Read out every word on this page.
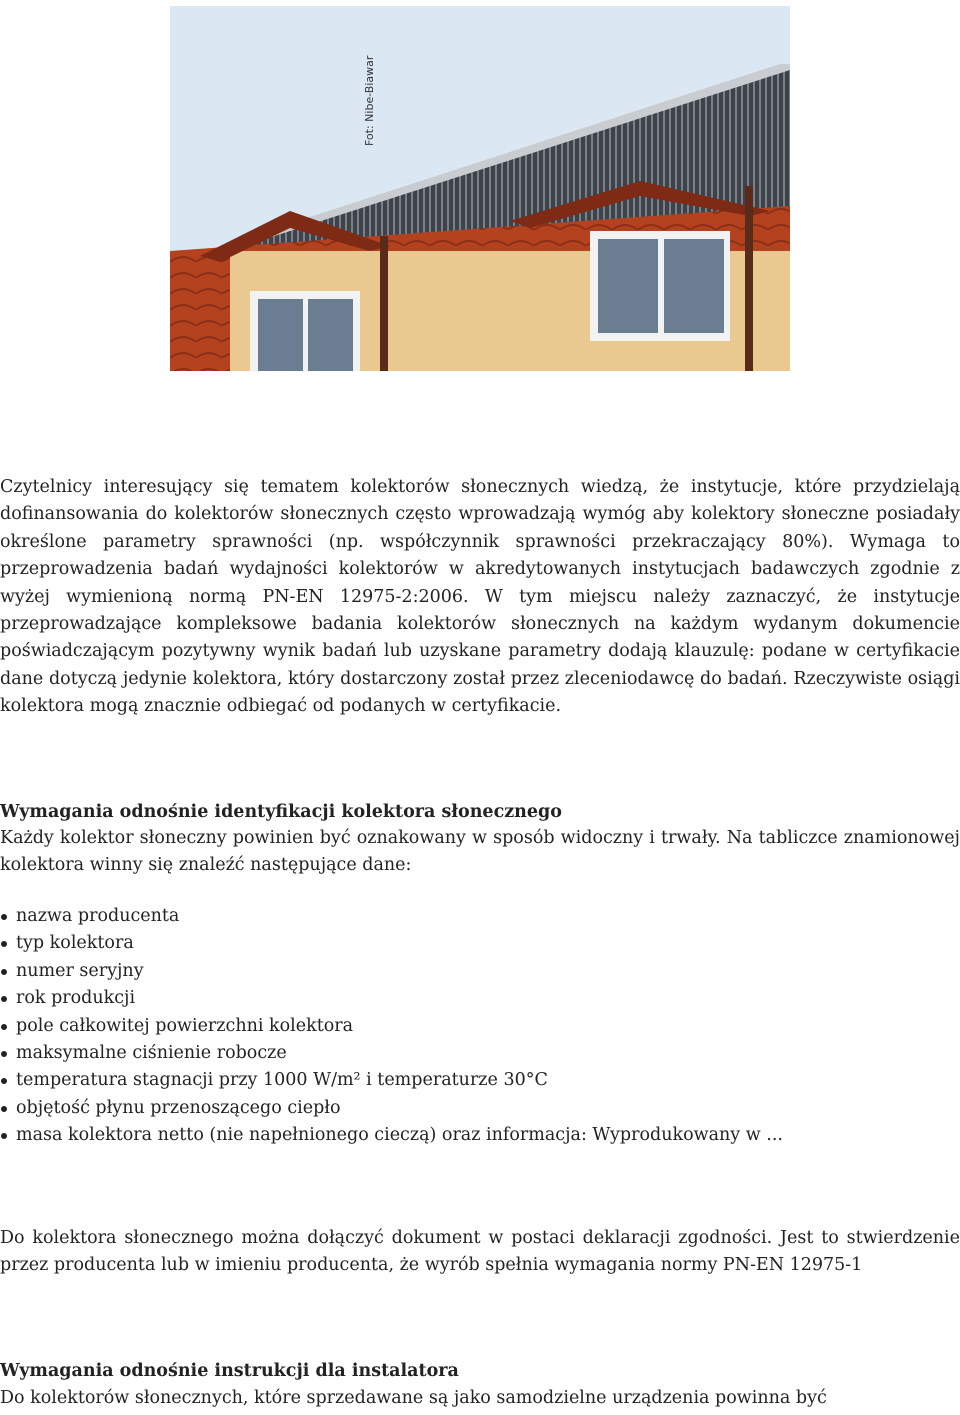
Fot: Nibe-Biawar

Czytelnicy interesujący się tematem kolektorów słonecznych wiedzą, że instytucje, które przydzielają dofinansowania do kolektorów słonecznych często wprowadzają wymóg aby kolektory słoneczne posiadały określone parametry sprawności (np. współczynnik sprawności przekraczający 80%). Wymaga to przeprowadzenia badań wydajności kolektorów w akredytowanych instytucjach badawczych zgodnie z wyżej wymienioną normą PN-EN 12975-2:2006. W tym miejscu należy zaznaczyć, że instytucje przeprowadzające kompleksowe badania kolektorów słonecznych na każdym wydanym dokumencie poświadczającym pozytywny wynik badań lub uzyskane parametry dodają klauzulę: podane w certyfikacie dane dotyczą jedynie kolektora, który dostarczony został przez zleceniodawcę do badań. Rzeczywiste osiągi kolektora mogą znacznie odbiegać od podanych w certyfikacie.

Wymagania odnośnie identyfikacji kolektora słonecznego

Każdy kolektor słoneczny powinien być oznakowany w sposób widoczny i trwały. Na tabliczce znamionowej kolektora winny się znaleźć następujące dane:

nazwa producenta
typ kolektora
numer seryjny
rok produkcji
pole całkowitej powierzchni kolektora
maksymalne ciśnienie robocze
temperatura stagnacji przy 1000 W/m² i temperaturze 30°C
objętość płynu przenoszącego ciepło
masa kolektora netto (nie napełnionego cieczą) oraz informacja: Wyprodukowany w ...

Do kolektora słonecznego można dołączyć dokument w postaci deklaracji zgodności. Jest to stwierdzenie przez producenta lub w imieniu producenta, że wyrób spełnia wymagania normy PN-EN 12975-1

Wymagania odnośnie instrukcji dla instalatora

Do kolektorów słonecznych, które sprzedawane są jako samodzielne urządzenia powinna być
